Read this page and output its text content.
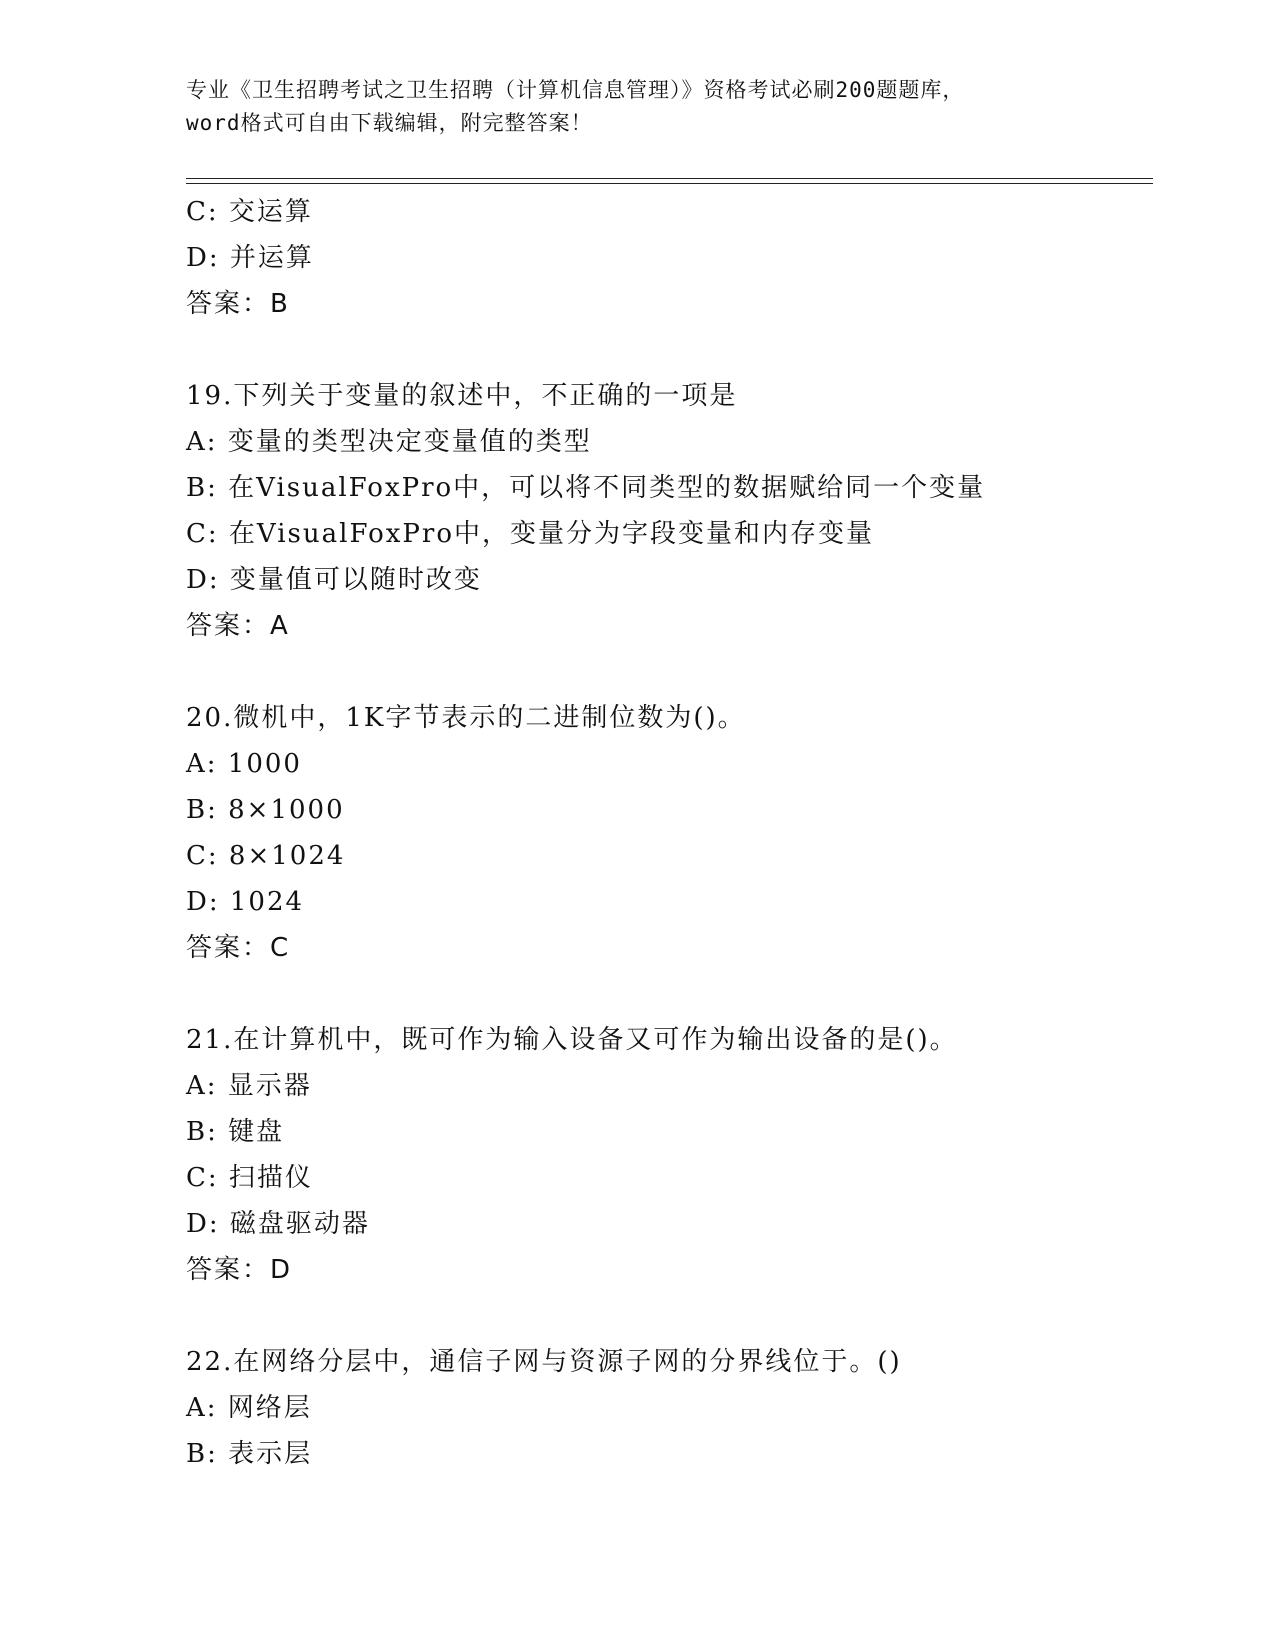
专业《卫生招聘考试之卫生招聘（计算机信息管理）》资格考试必刷200题题库，
word格式可自由下载编辑，附完整答案！
C: 交运算
D: 并运算
答案：B
19.下列关于变量的叙述中，不正确的一项是
A: 变量的类型决定变量值的类型
B: 在VisualFoxPro中，可以将不同类型的数据赋给同一个变量
C: 在VisualFoxPro中，变量分为字段变量和内存变量
D: 变量值可以随时改变
答案：A
20.微机中，1K字节表示的二进制位数为()。
A: 1000
B: 8×1000
C: 8×1024
D: 1024
答案：C
21.在计算机中，既可作为输入设备又可作为输出设备的是()。
A: 显示器
B: 键盘
C: 扫描仪
D: 磁盘驱动器
答案：D
22.在网络分层中，通信子网与资源子网的分界线位于。()
A: 网络层
B: 表示层
